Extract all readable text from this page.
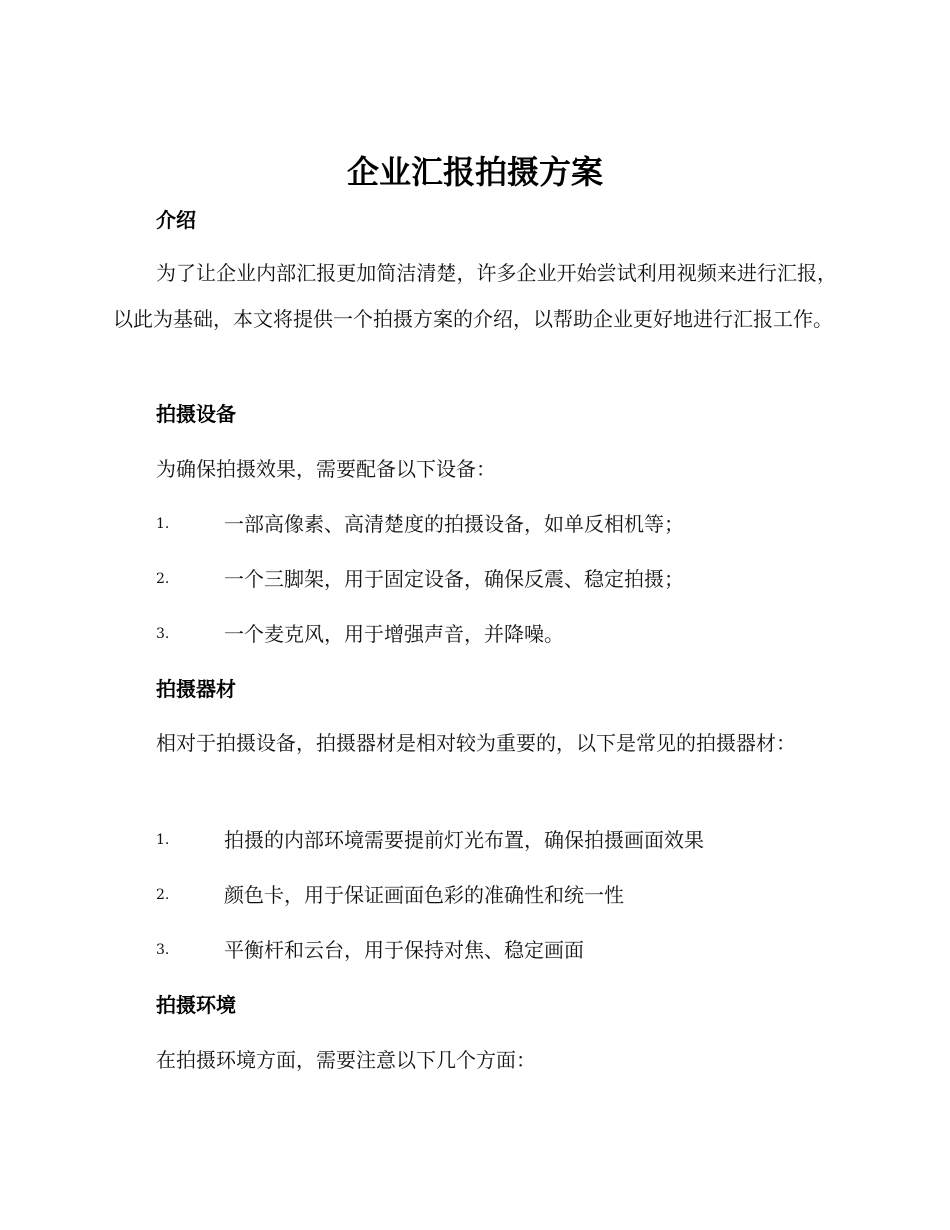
企业汇报拍摄方案
介绍

为了让企业内部汇报更加简洁清楚，许多企业开始尝试利用视频来进行汇报，以此为基础，本文将提供一个拍摄方案的介绍，以帮助企业更好地进行汇报工作。

拍摄设备

为确保拍摄效果，需要配备以下设备：

1.	一部高像素、高清楚度的拍摄设备，如单反相机等；
2.	一个三脚架，用于固定设备，确保反震、稳定拍摄；
3.	一个麦克风，用于增强声音，并降噪。
拍摄器材

相对于拍摄设备，拍摄器材是相对较为重要的，以下是常见的拍摄器材：

1.	拍摄的内部环境需要提前灯光布置，确保拍摄画面效果
2.	颜色卡，用于保证画面色彩的准确性和统一性
3.	平衡杆和云台，用于保持对焦、稳定画面
拍摄环境

在拍摄环境方面，需要注意以下几个方面：
